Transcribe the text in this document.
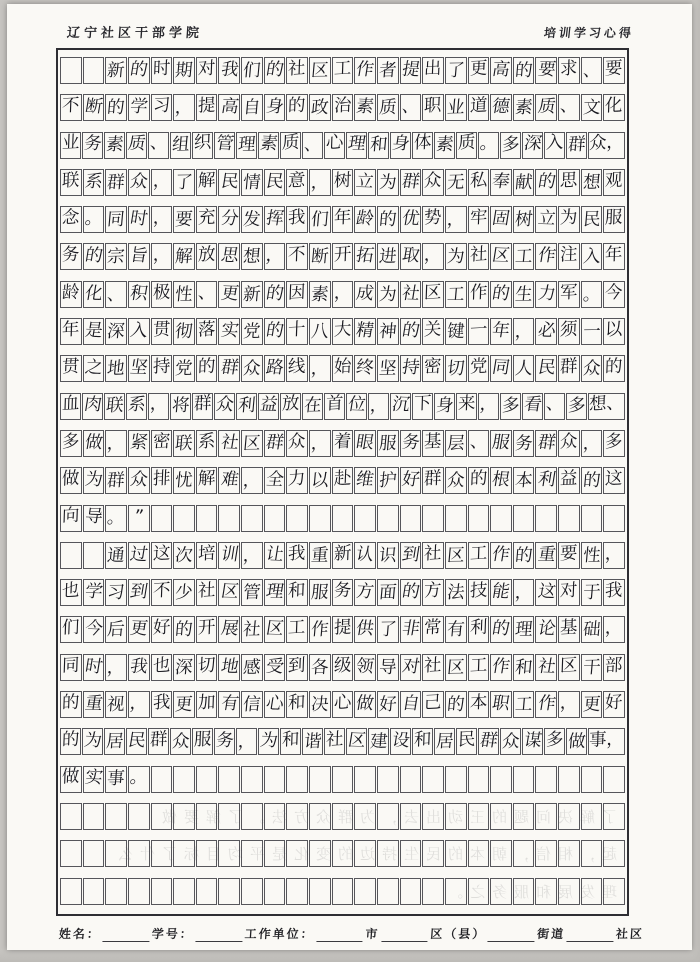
辽宁社区干部学院	培训学习心得
新 的 时 期 对 我 们 的 社 区 工 作 者 提 出 了 更 高 的 要 求 、 要
不 断 的 学 习 ， 提 高 自 身 的 政 治 素 质 、 职 业 道 德 素 质 、 文 化
业 务 素 质 、 组 织 管 理 素 质 、 心 理 和 身 体 素 质 。 多 深 入 群 众，
联 系 群 众 ， 了 解 民 情 民 意 ， 树 立 为 群 众 无 私 奉 献 的 思 想 观
念 。 同 时 ， 要 充 分 发 挥 我 们 年 龄 的 优 势 ， 牢 固 树 立 为 民 服
务 的 宗 旨 ， 解 放 思 想 ， 不 断 开 拓 进 取 ， 为 社 区 工 作 注 入 年
龄 化 、 积 极 性 、 更 新 的 因 素 ， 成 为 社 区 工 作 的 生 力 军 。 今
年 是 深 入 贯 彻 落 实 党 的 十 八 大 精 神 的 关 键 一 年 ， 必 须 一 以
贯 之 地 坚 持 党 的 群 众 路 线 ， 始 终 坚 持 密 切 党 同 人 民 群 众 的
血 肉 联 系 ， 将 群 众 利 益 放 在 首 位 ， 沉 下 身 来 ， 多 看 、 多 想、
多 做 ， 紧 密 联 系 社 区 群 众 ， 着 眼 服 务 基 层 、 服 务 群 众 ， 多
做 为 群 众 排 忧 解 难 ， 全 力 以 赴 维 护 好 群 众 的 根 本 利 益 的 这
向 导 。 ”
通 过 这 次 培 训 ， 让 我 重 新 认 识 到 社 区 工 作 的 重 要 性 ，
也 学 习 到 不 少 社 区 管 理 和 服 务 方 面 的 方 法 技 能 ， 这 对 于 我
们 今 后 更 好 的 开 展 社 区 工 作 提 供 了 非 常 有 利 的 理 论 基 础 ，
同 时 ， 我 也 深 切 地 感 受 到 各 级 领 导 对 社 区 工 作 和 社 区 干 部
的 重 视 ， 我 更 加 有 信 心 和 决 心 做 好 自 己 的 本 职 工 作 ， 更 好
的 为 居 民 群 众 服 务 ， 为 和 谐 社 区 建 设 和 居 民 群 众 谋 多 做 事，
做 实 事 。
了解决问题的王动出去，为群众方法。了解要做
起，相信，朝本的民生持边的变化是平均目标了什么
理发展和服务之。
姓名：	学号：	工作单位：	市	区（县）	街道	社区
